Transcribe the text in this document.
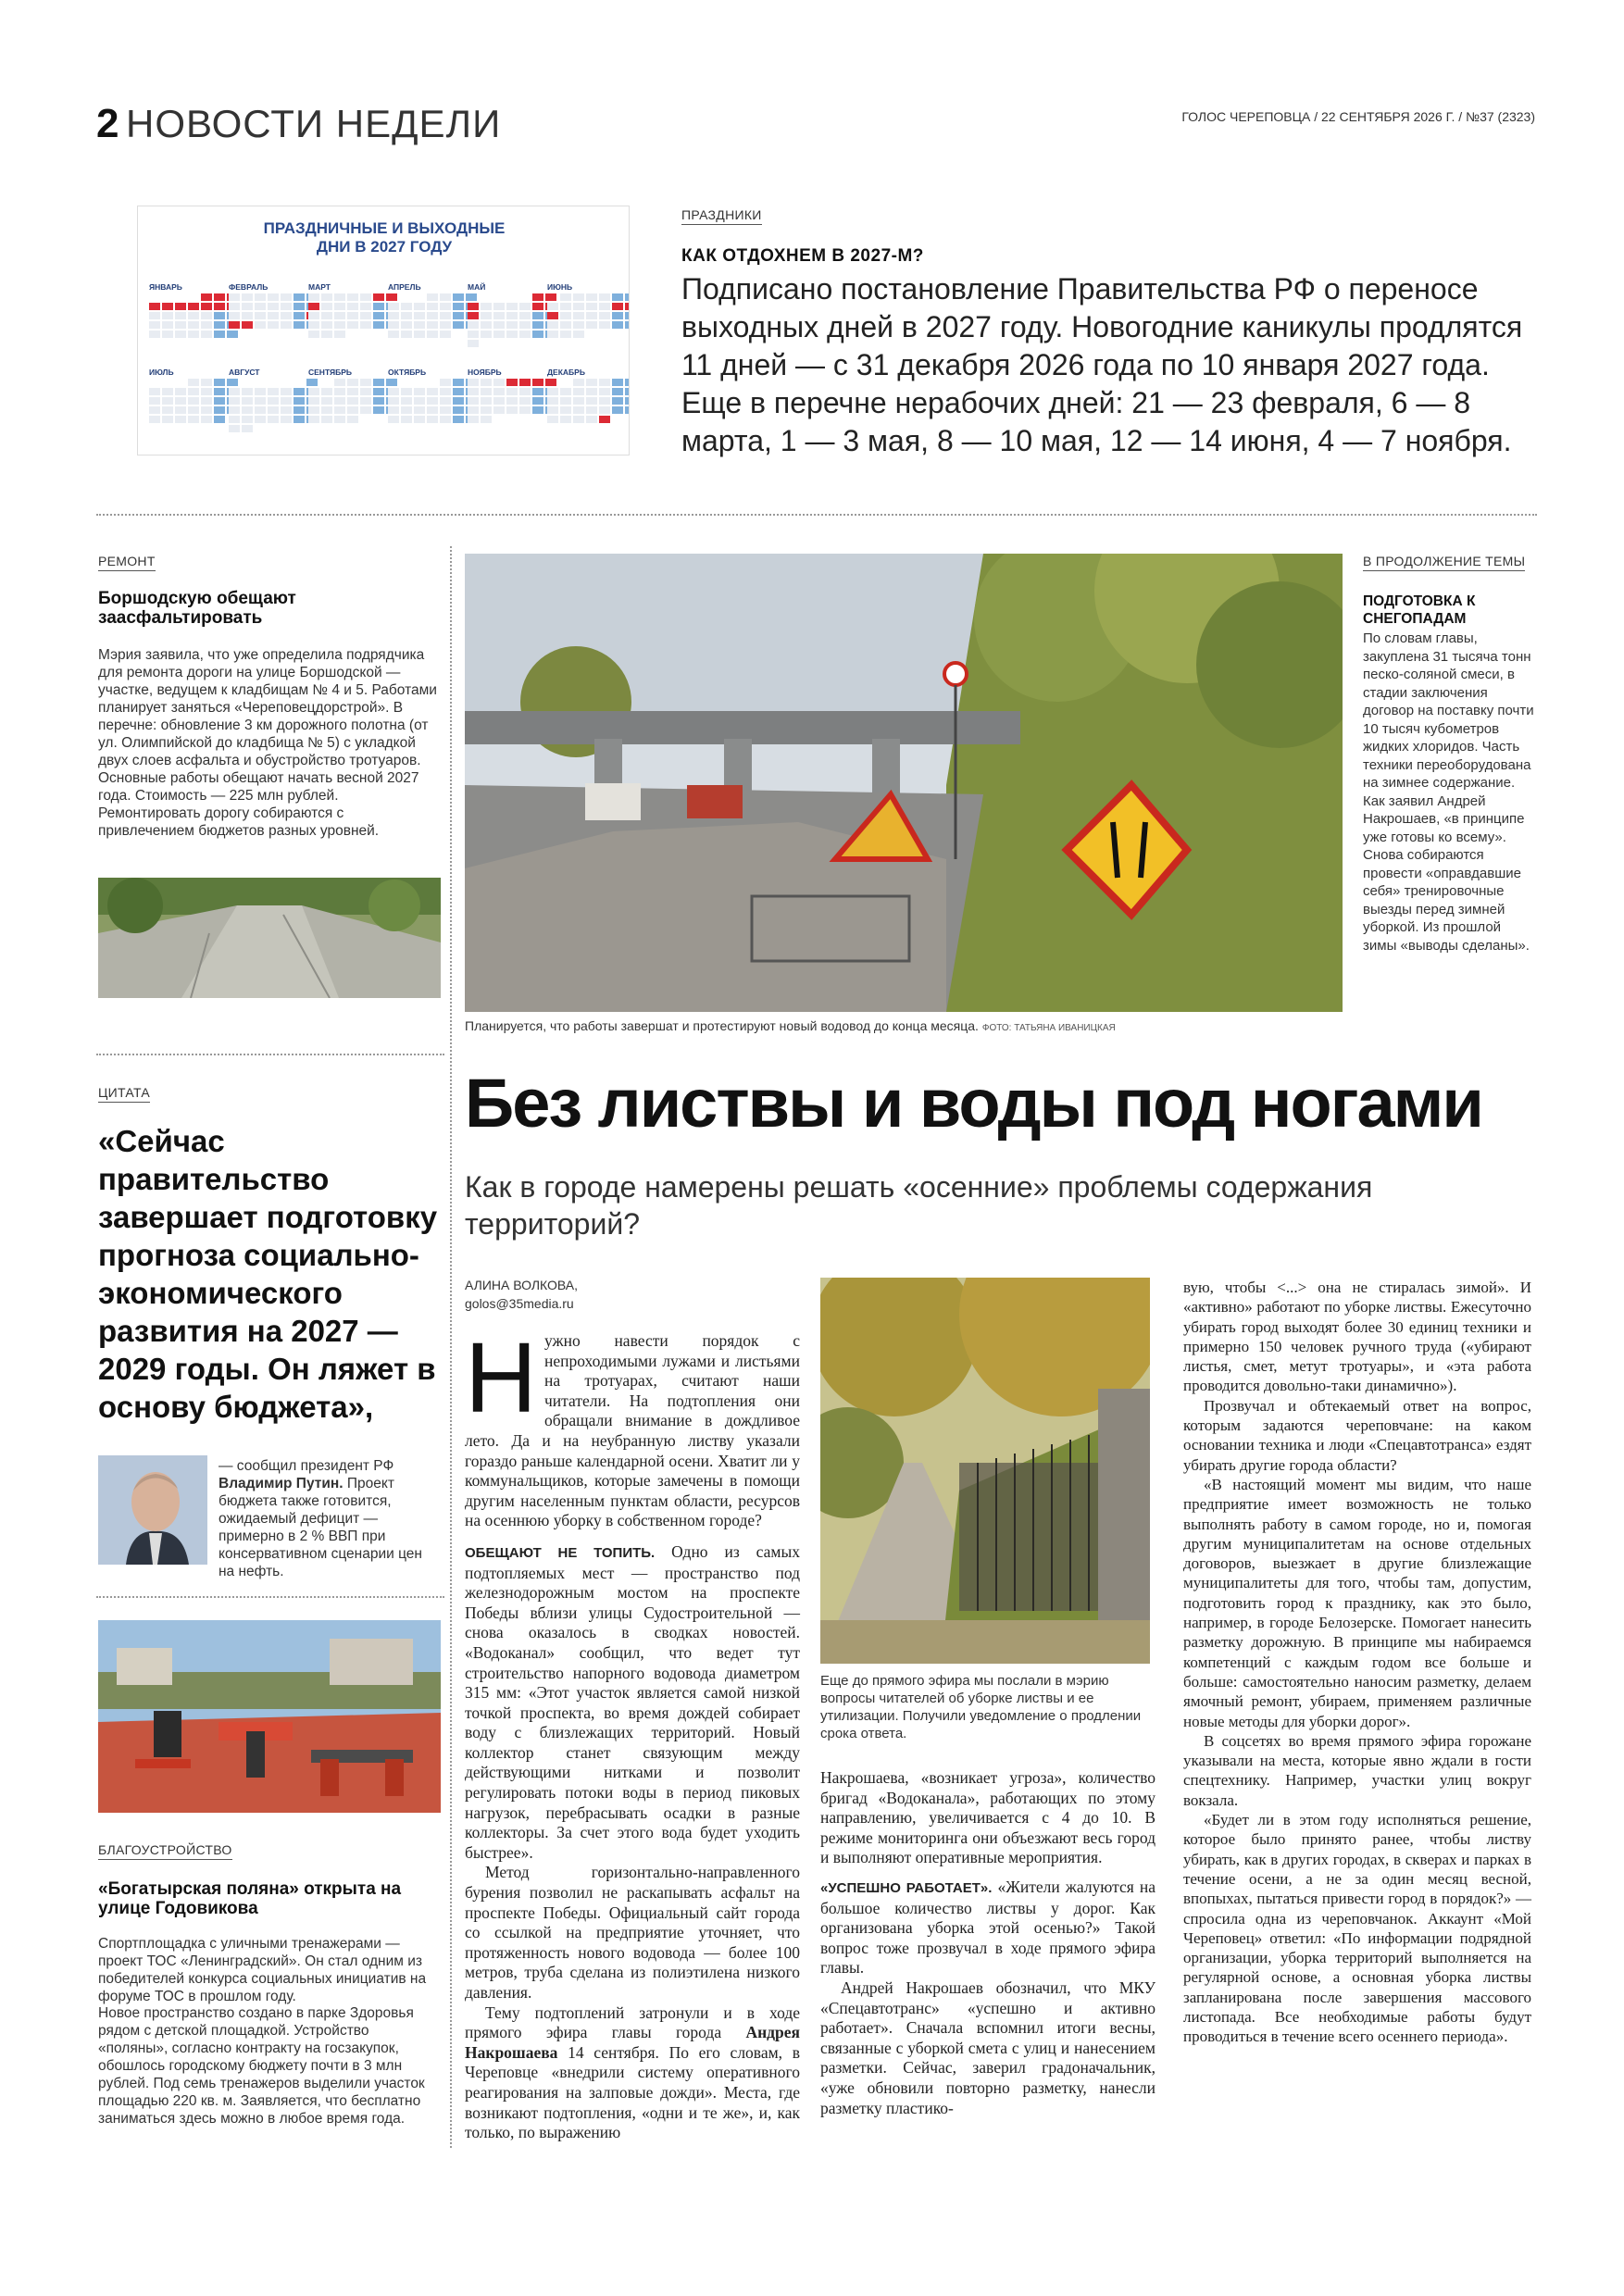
2 НОВОСТИ НЕДЕЛИ	ГОЛОС ЧЕРЕПОВЦА / 22 СЕНТЯБРЯ 2026 Г. / №37 (2323)
ПРАЗДНИЧНЫЕ И ВЫХОДНЫЕ
ДНИ В 2027 ГОДУ
ЯНВАРЬ	ФЕВРАЛЬ	МАРТ	АПРЕЛЬ	МАЙ	ИЮНЬ
ИЮЛЬ	АВГУСТ	СЕНТЯБРЬ	ОКТЯБРЬ	НОЯБРЬ	ДЕКАБРЬ
ПРАЗДНИКИ
КАК ОТДОХНЕМ В 2027-М?
Подписано постановление Правительства РФ о переносе выходных дней в 2027 году. Новогодние каникулы продлятся 11 дней — с 31 декабря 2026 года по 10 января 2027 года. Еще в перечне нерабочих дней: 21 — 23 февраля, 6 — 8 марта, 1 — 3 мая, 8 — 10 мая, 12 — 14 июня, 4 — 7 ноября.
РЕМОНТ
Боршодскую обещают заасфальтировать
Мэрия заявила, что уже определила подрядчика для ремонта дороги на улице Боршодской — участке, ведущем к кладбищам № 4 и 5. Работами планирует заняться «Череповецдорстрой». В перечне: обновление 3 км дорожного полотна (от ул. Олимпийской до кладбища № 5) с укладкой двух слоев асфальта и обустройство тротуаров. Основные работы обещают начать весной 2027 года. Стоимость — 225 млн рублей. Ремонтировать дорогу собираются с привлечением бюджетов разных уровней.
ЦИТАТА
«Сейчас правительство завершает подготовку прогноза социально-экономического развития на 2027 — 2029 годы. Он ляжет в основу бюджета»,
— сообщил президент РФ Владимир Путин. Проект бюджета также готовится, ожидаемый дефицит — примерно в 2 % ВВП при консервативном сценарии цен на нефть.
БЛАГОУСТРОЙСТВО
«Богатырская поляна» открыта на улице Годовикова
Спортплощадка с уличными тренажерами — проект ТОС «Ленинградский». Он стал одним из победителей конкурса социальных инициатив на форуме ТОС в прошлом году.
Новое пространство создано в парке Здоровья рядом с детской площадкой. Устройство «поляны», согласно контракту на госзакупок, обошлось городскому бюджету почти в 3 млн рублей. Под семь тренажеров выделили участок площадью 220 кв. м. Заявляется, что бесплатно заниматься здесь можно в любое время года.
Планируется, что работы завершат и протестируют новый водовод до конца месяца. ФОТО: ТАТЬЯНА ИВАНИЦКАЯ
В ПРОДОЛЖЕНИЕ ТЕМЫ
ПОДГОТОВКА К СНЕГОПАДАМ
По словам главы, закуплена 31 тысяча тонн пескo-соляной смеси, в стадии заключения договор на поставку почти 10 тысяч кубометров жидких хлоридов. Часть техники переоборудована на зимнее содержание. Как заявил Андрей Накрошаев, «в принципе уже готовы ко всему». Снова собираются провести «оправдавшие себя» тренировочные выезды перед зимней уборкой. Из прошлой зимы «выводы сделаны».
Без листвы и воды под ногами
Как в городе намерены решать «осенние» проблемы содержания территорий?
АЛИНА ВОЛКОВА,
golos@35media.ru
Нужно навести порядок с непроходимыми лужами и листьями на тротуарах, считают наши читатели. На подтопления они обращали внимание в дождливое лето. Да и на неубранную листву указали гораздо раньше календарной осени. Хватит ли у коммунальщиков, которые замечены в помощи другим населенным пунктам области, ресурсов на осеннюю уборку в собственном городе?

ОБЕЩАЮТ НЕ ТОПИТЬ. Одно из самых подтопляемых мест — пространство под железнодорожным мостом на проспекте Победы вблизи улицы Судостроительной — снова оказалось в сводках новостей. «Водоканал» сообщил, что ведет тут строительство напорного водовода диаметром 315 мм: «Этот участок является самой низкой точкой проспекта, во время дождей собирает воду с близлежащих территорий. Новый коллектор станет связующим между действующими нитками и позволит регулировать потоки воды в период пиковых нагрузок, перебрасывать осадки в разные коллекторы. За счет этого вода будет уходить быстрее».

Метод горизонтально-направленного бурения позволил не раскапывать асфальт на проспекте Победы. Официальный сайт города со ссылкой на предприятие уточняет, что протяженность нового водовода — более 100 метров, труба сделана из полиэтилена низкого давления.

Тему подтоплений затронули и в ходе прямого эфира главы города Андрея Накрошаева 14 сентября. По его словам, в Череповце «внедрили систему оперативного реагирования на залповые дожди». Места, где возникают подтопления, «одни и те же», и, как только, по выражению

Еще до прямого эфира мы послали в мэрию вопросы читателей об уборке листвы и ее утилизации. Получили уведомление о продлении срока ответа.

Накрошаева, «возникает угроза», количество бригад «Водоканала», работающих по этому направлению, увеличивается с 4 до 10. В режиме мониторинга они объезжают весь город и выполняют оперативные мероприятия.

«УСПЕШНО РАБОТАЕТ». «Жители жалуются на большое количество листвы у дорог. Как организована уборка этой осенью?» Такой вопрос тоже прозвучал в ходе прямого эфира главы.

Андрей Накрошаев обозначил, что МКУ «Спецавтотранс» «успешно и активно работает». Сначала вспомнил итоги весны, связанные с уборкой смета с улиц и нанесением разметки. Сейчас, заверил градоначальник, «уже обновили повторно разметку, нанесли разметку пластико-

вую, чтобы <...> она не стиралась зимой». И «активно» работают по уборке листвы. Ежесуточно убирать город выходят более 30 единиц техники и примерно 150 человек ручного труда («убирают листья, смет, метут тротуары», и «эта работа проводится довольно-таки динамично»).

Прозвучал и обтекаемый ответ на вопрос, которым задаются череповчане: на каком основании техника и люди «Спецавтотранса» ездят убирать другие города области?

«В настоящий момент мы видим, что наше предприятие имеет возможность не только выполнять работу в самом городе, но и, помогая другим муниципалитетам на основе отдельных договоров, выезжает в другие близлежащие муниципалитеты для того, чтобы там, допустим, подготовить город к празднику, как это было, например, в городе Белозерске. Помогает нанесить разметку дорожную. В принципе мы набираемся компетенций с каждым годом все больше и больше: самостоятельно наносим разметку, делаем ямочный ремонт, убираем, применяем различные новые методы для уборки дорог».

В соцсетях во время прямого эфира горожане указывали на места, которые явно ждали в гости спецтехнику. Например, участки улиц вокруг вокзала.

«Будет ли в этом году исполняться решение, которое было принято ранее, чтобы листву убирать, как в других городах, в скверах и парках в течение осени, а не за один месяц весной, впопыхах, пытаться привести город в порядок?» — спросила одна из череповчанок. Аккаунт «Мой Череповец» ответил: «По информации подрядной организации, уборка территорий выполняется на регулярной основе, а основная уборка листвы запланирована после завершения массового листопада. Все необходимые работы будут проводиться в течение всего осеннего периода».
